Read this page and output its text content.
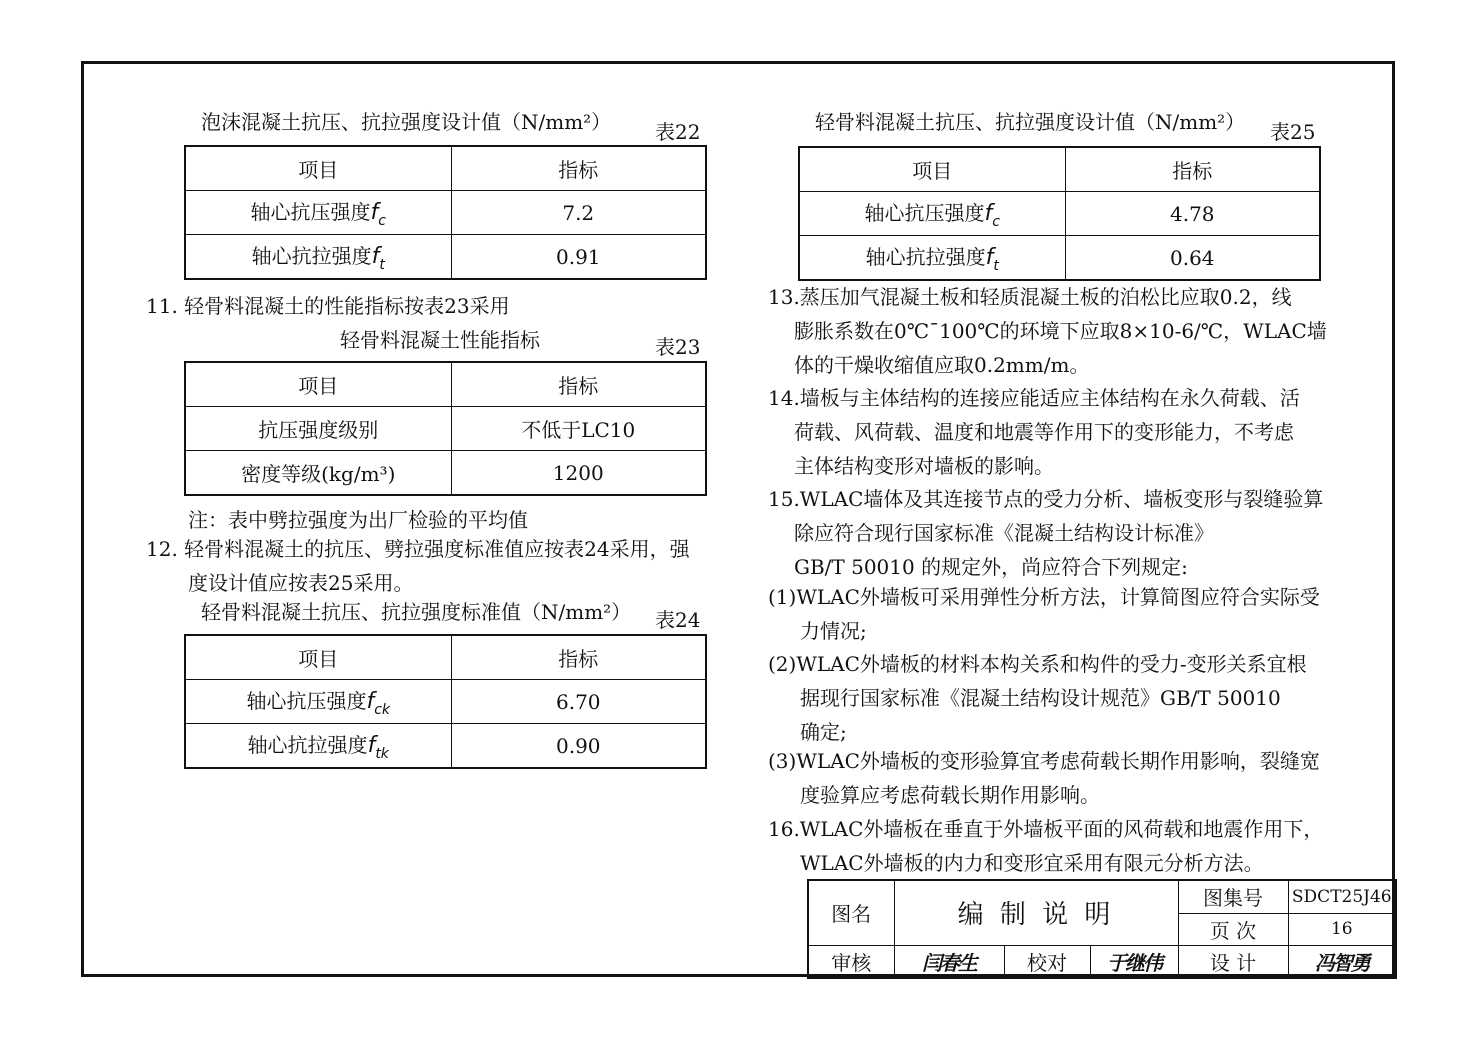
泡沫混凝土抗压、抗拉强度设计值（N/mm²） 表22
项目	指标
轴心抗压强度$f_c$	7.2
轴心抗拉强度$f_t$	0.91
11. 轻骨料混凝土的性能指标按表23采用
轻骨料混凝土性能指标	表23
项目	指标
抗压强度级别	不低于LC10
密度等级(kg/m³)	1200
注：表中劈拉强度为出厂检验的平均值
12. 轻骨料混凝土的抗压、劈拉强度标准值应按表24采用，强
度设计值应按表25采用。
轻骨料混凝土抗压、抗拉强度标准值（N/mm²） 表24
项目	指标
轴心抗压强度$f_{ck}$	6.70
轴心抗拉强度$f_{tk}$	0.90
轻骨料混凝土抗压、抗拉强度设计值（N/mm²） 表25
项目	指标
轴心抗压强度$f_c$	4.78
轴心抗拉强度$f_t$	0.64
13.蒸压加气混凝土板和轻质混凝土板的泊松比应取0.2，线
膨胀系数在0℃¯100℃的环境下应取8×10-6/℃，WLAC墙
体的干燥收缩值应取0.2mm/m。
14.墙板与主体结构的连接应能适应主体结构在永久荷载、活
荷载、风荷载、温度和地震等作用下的变形能力，不考虑
主体结构变形对墙板的影响。
15.WLAC墙体及其连接节点的受力分析、墙板变形与裂缝验算
除应符合现行国家标准《混凝土结构设计标准》
GB/T 50010 的规定外，尚应符合下列规定:
(1)WLAC外墙板可采用弹性分析方法，计算简图应符合实际受
力情况;
(2)WLAC外墙板的材料本构关系和构件的受力-变形关系宜根
据现行国家标准《混凝土结构设计规范》GB/T 50010
确定;
(3)WLAC外墙板的变形验算宜考虑荷载长期作用影响，裂缝宽
度验算应考虑荷载长期作用影响。
16.WLAC外墙板在垂直于外墙板平面的风荷载和地震作用下，
WLAC外墙板的内力和变形宜采用有限元分析方法。
图名	编 制 说 明			图集号	SDCT25J46
				页 次	16
审核	闫春生	校对	于继伟	设 计	冯智勇
